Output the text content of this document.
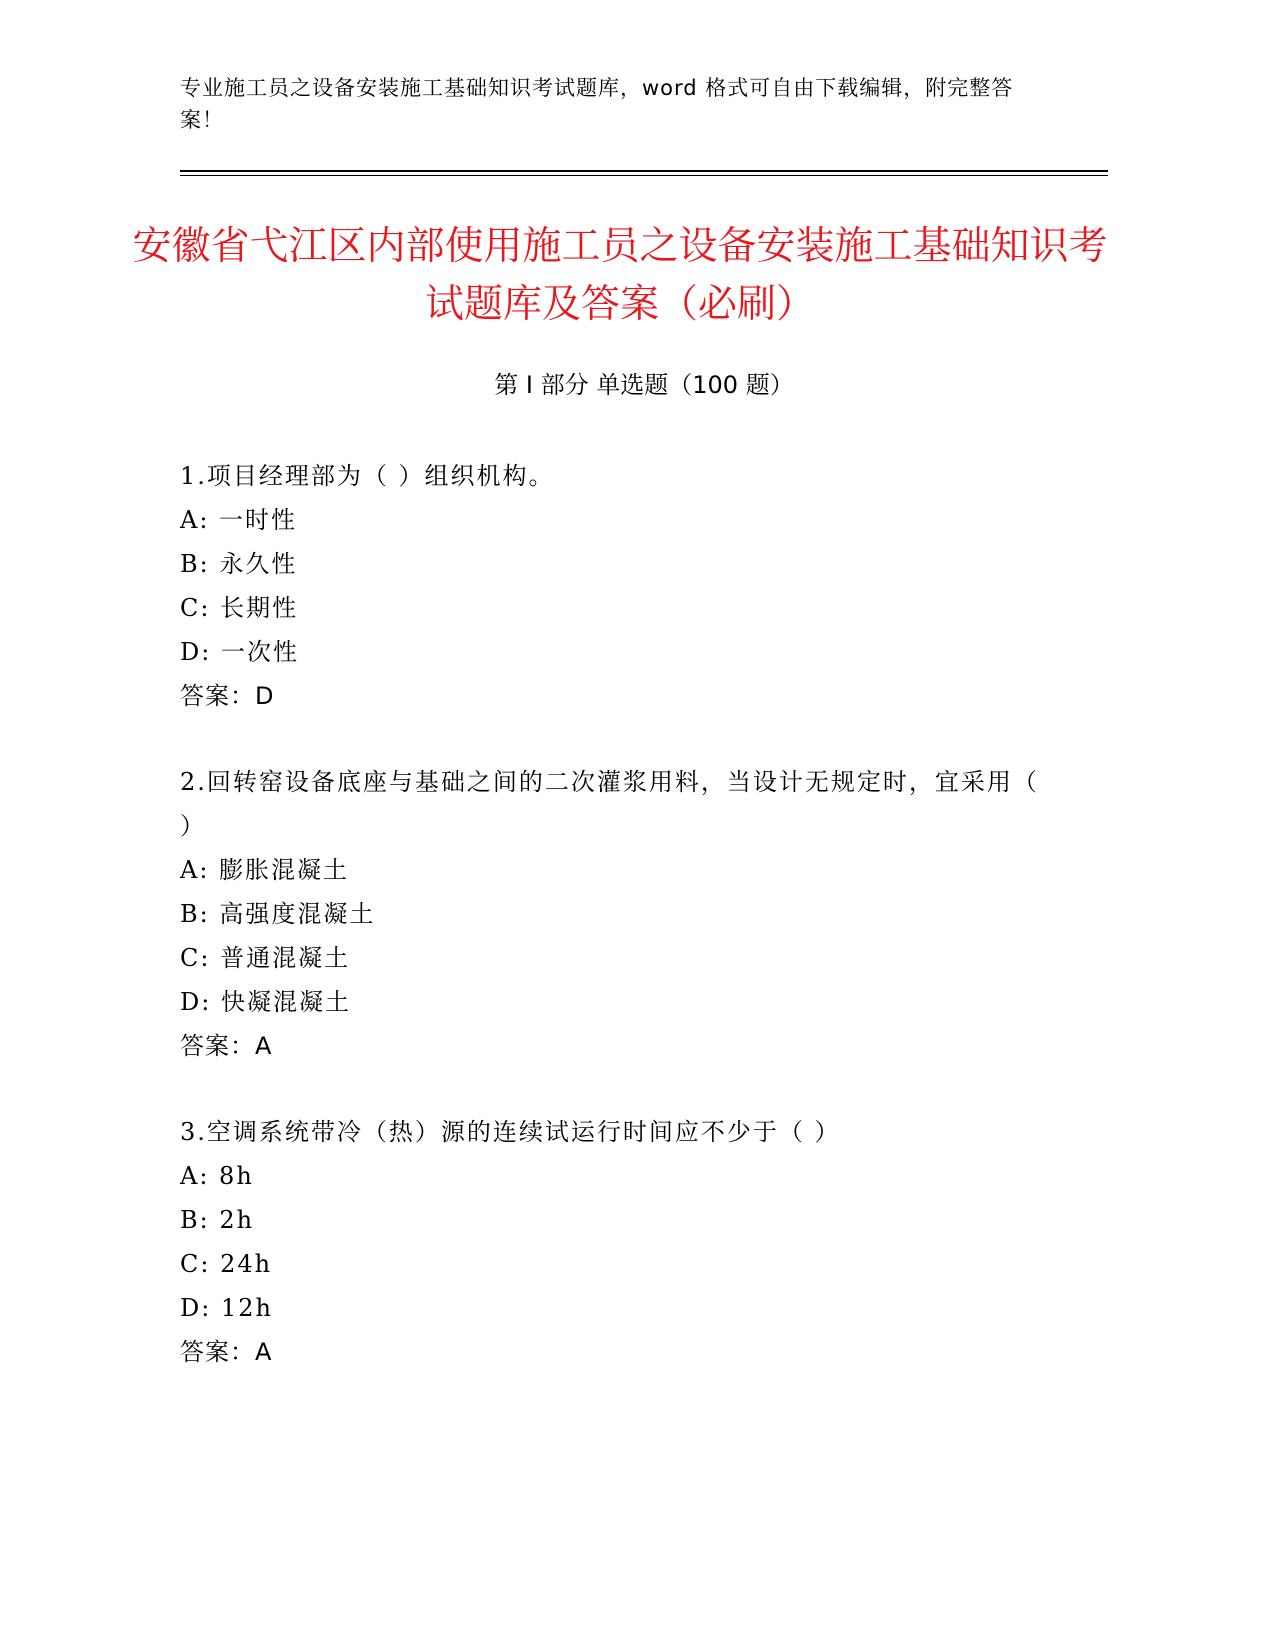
专业施工员之设备安装施工基础知识考试题库，word 格式可自由下载编辑，附完整答案！
安徽省弋江区内部使用施工员之设备安装施工基础知识考试题库及答案（必刷）
第 I 部分 单选题（100 题）
1.项目经理部为（ ）组织机构。
A: 一时性
B: 永久性
C: 长期性
D: 一次性
答案：D
2.回转窑设备底座与基础之间的二次灌浆用料，当设计无规定时，宜采用（ ）
A: 膨胀混凝土
B: 高强度混凝土
C: 普通混凝土
D: 快凝混凝土
答案：A
3.空调系统带冷（热）源的连续试运行时间应不少于（ ）
A: 8h
B: 2h
C: 24h
D: 12h
答案：A
